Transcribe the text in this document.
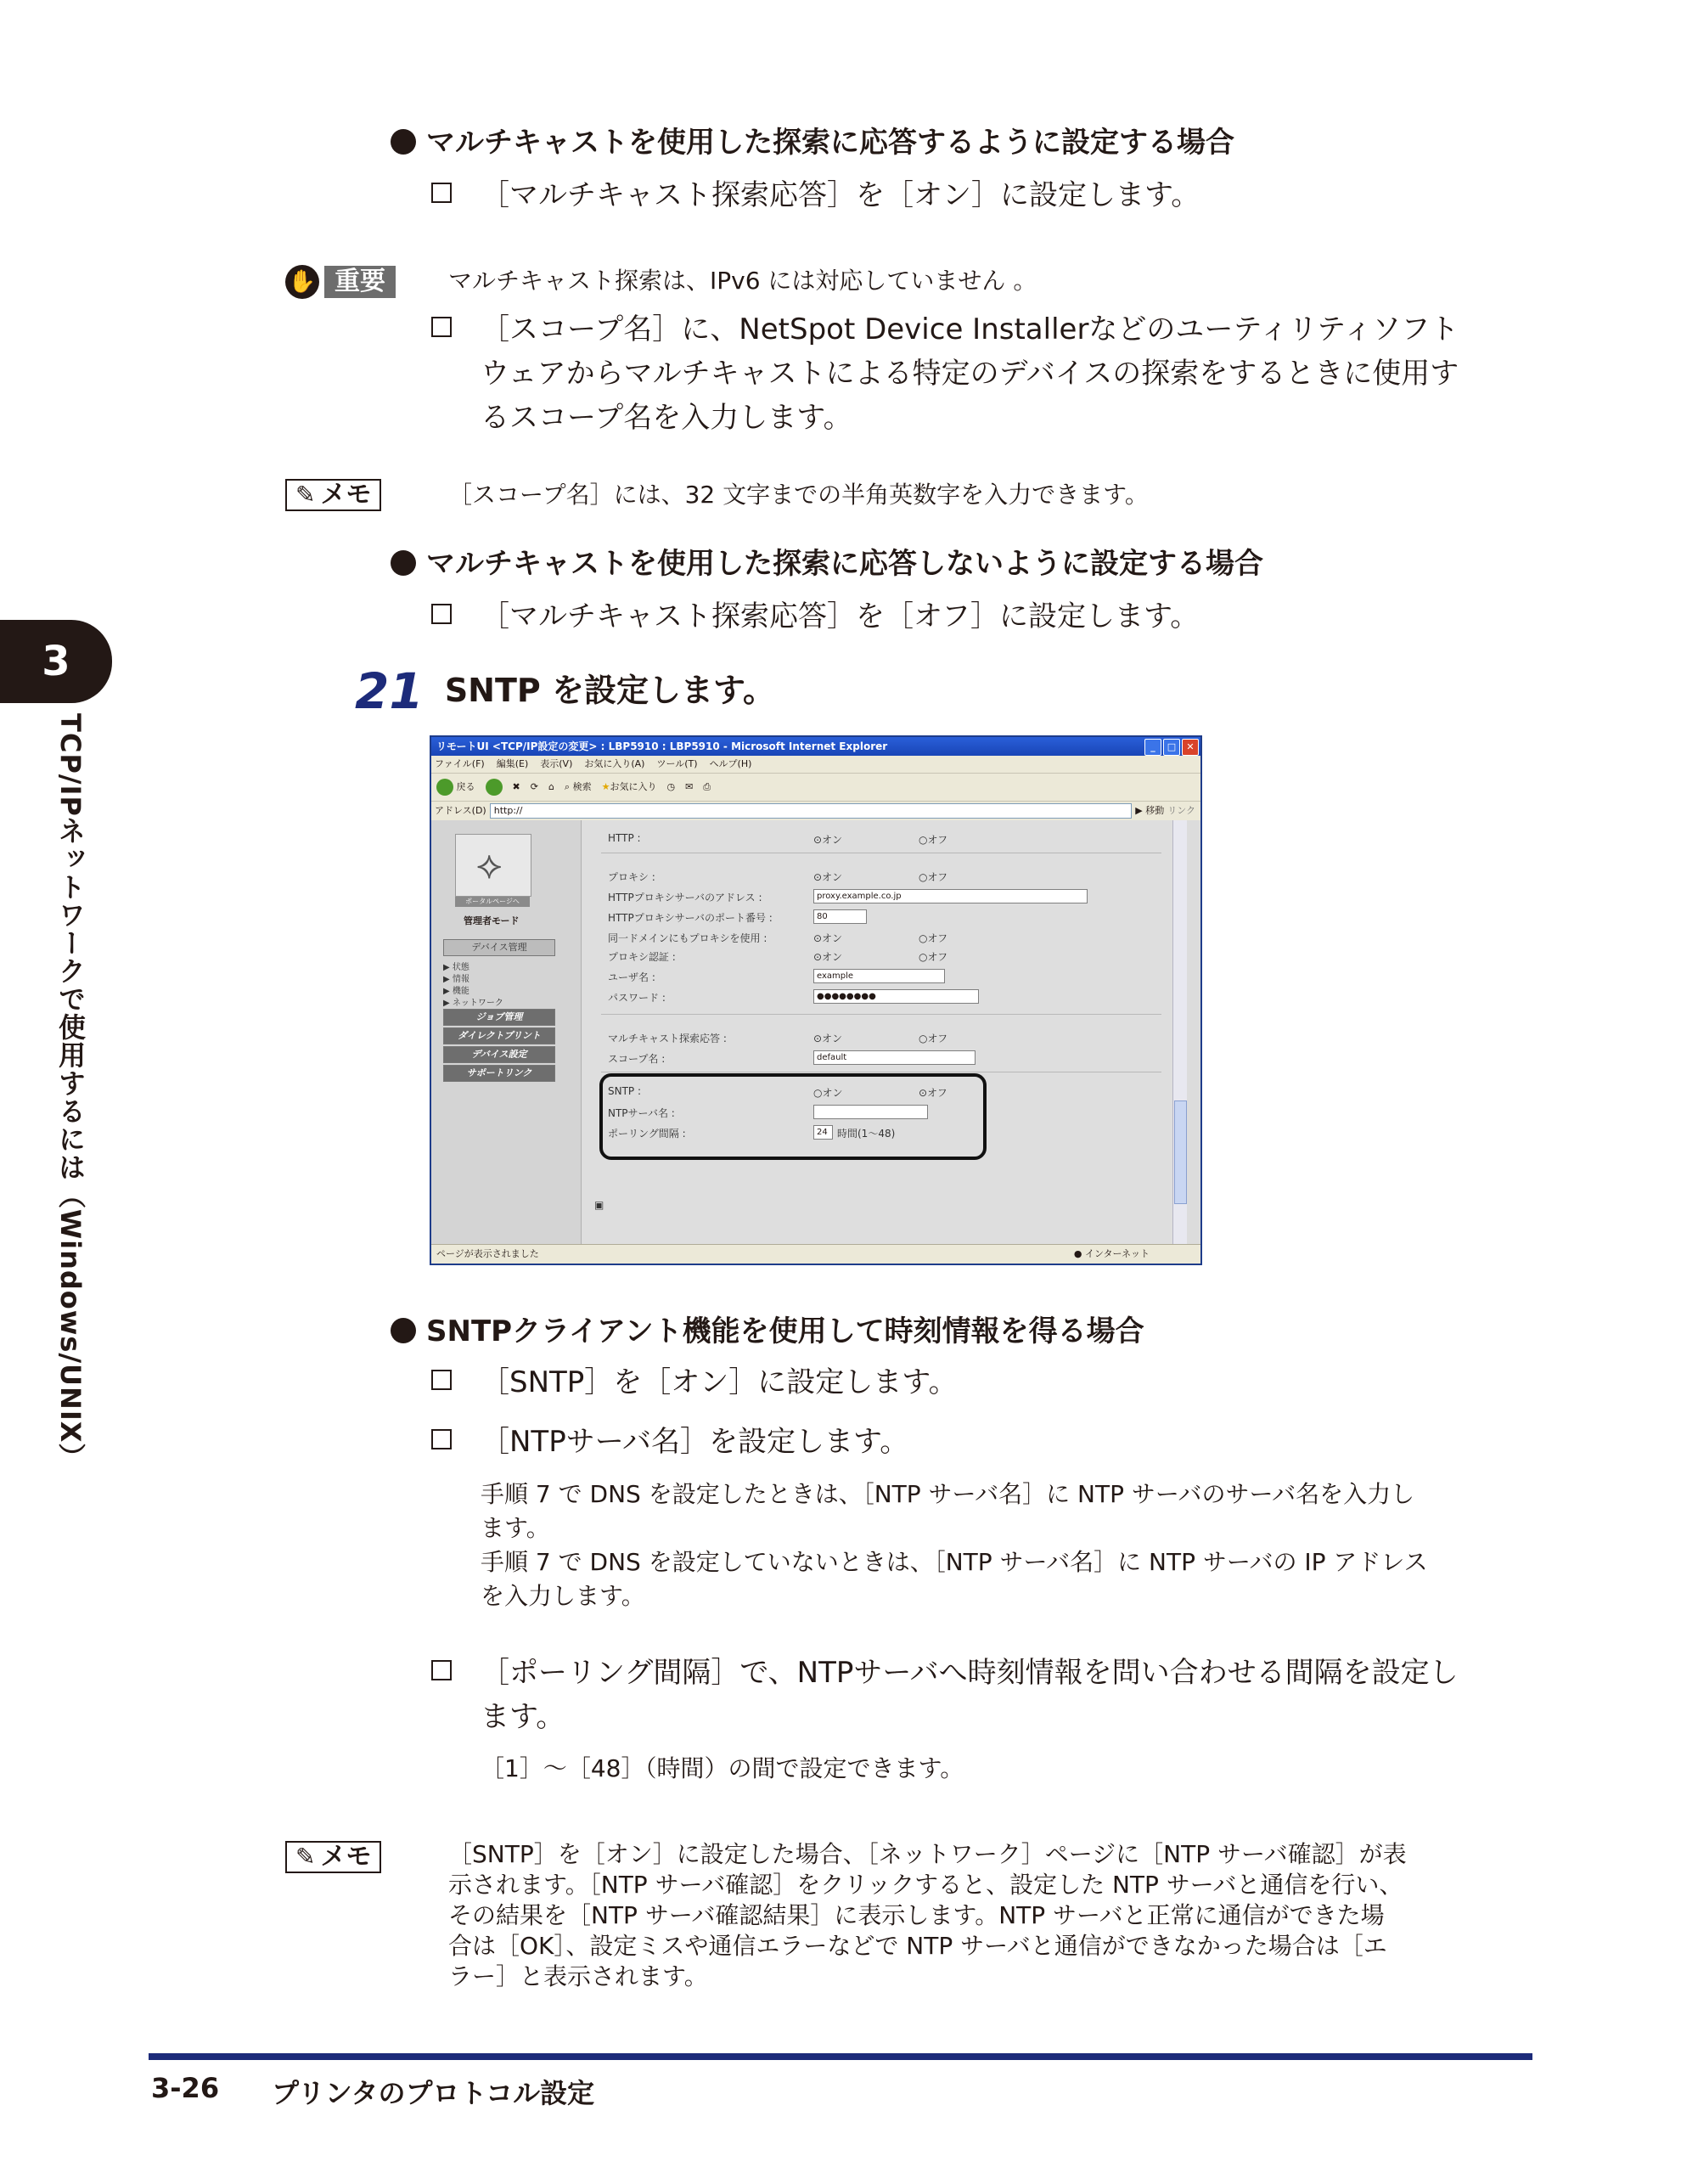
マルチキャストを使用した探索に応答するように設定する場合
［マルチキャスト探索応答］を［オン］に設定します。
✋ 重要	マルチキャスト探索は、IPv6 には対応していません 。
［スコープ名］に、NetSpot Device Installerなどのユーティリティソフト
ウェアからマルチキャストによる特定のデバイスの探索をするときに使用す
るスコープ名を入力します。
✎ メモ	［スコープ名］には、32 文字までの半角英数字を入力できます。
マルチキャストを使用した探索に応答しないように設定する場合
［マルチキャスト探索応答］を［オフ］に設定します。
3
TCP/IPネットワークで使用するには（Windows/UNIX）
21 SNTP を設定します。
リモートUI <TCP/IP設定の変更> : LBP5910 : LBP5910 - Microsoft Internet Explorer	_	□	✕
ファイル(F) 編集(E) 表示(V) お気に入り(A) ツール(T) ヘルプ(H)
戻る	✖ ⟳ ⌂ ⌕ 検索 ★お気に入り ◷ ✉ ⎙
アドレス(D) http://	▶ 移動 リンク
⟡
ポータルページへ
管理者モード
デバイス管理
▶ 状態
▶ 情報
▶ 機能
▶ ネットワーク
ジョブ管理
ダイレクトプリント
デバイス設定
サポートリンク
HTTP :	⊙オン	○オフ
プロキシ :	⊙オン	○オフ
HTTPプロキシサーバのアドレス :	proxy.example.co.jp
HTTPプロキシサーバのポート番号 :	80
同一ドメインにもプロキシを使用 :	⊙オン	○オフ
プロキシ認証 :	⊙オン	○オフ
ユーザ名 :	example
パスワード :	●●●●●●●●
マルチキャスト探索応答 :	⊙オン	○オフ
スコープ名 :	default
SNTP :	○オン	⊙オフ
NTPサーバ名 :
ポーリング間隔 :	24 時間(1～48)
▣
ページが表示されました	● インターネット
SNTPクライアント機能を使用して時刻情報を得る場合
［SNTP］を［オン］に設定します。
［NTPサーバ名］を設定します。
手順 7 で DNS を設定したときは、［NTP サーバ名］に NTP サーバのサーバ名を入力し
ます。
手順 7 で DNS を設定していないときは、［NTP サーバ名］に NTP サーバの IP アドレス
を入力します。
［ポーリング間隔］で、NTPサーバへ時刻情報を問い合わせる間隔を設定し
ます。
［1］～［48］（時間）の間で設定できます。
✎ メモ	［SNTP］を［オン］に設定した場合、［ネットワーク］ページに［NTP サーバ確認］が表
示されます。［NTP サーバ確認］をクリックすると、設定した NTP サーバと通信を行い、
その結果を［NTP サーバ確認結果］に表示します。NTP サーバと正常に通信ができた場
合は［OK］、設定ミスや通信エラーなどで NTP サーバと通信ができなかった場合は［エ
ラー］と表示されます。
3-26 プリンタのプロトコル設定
